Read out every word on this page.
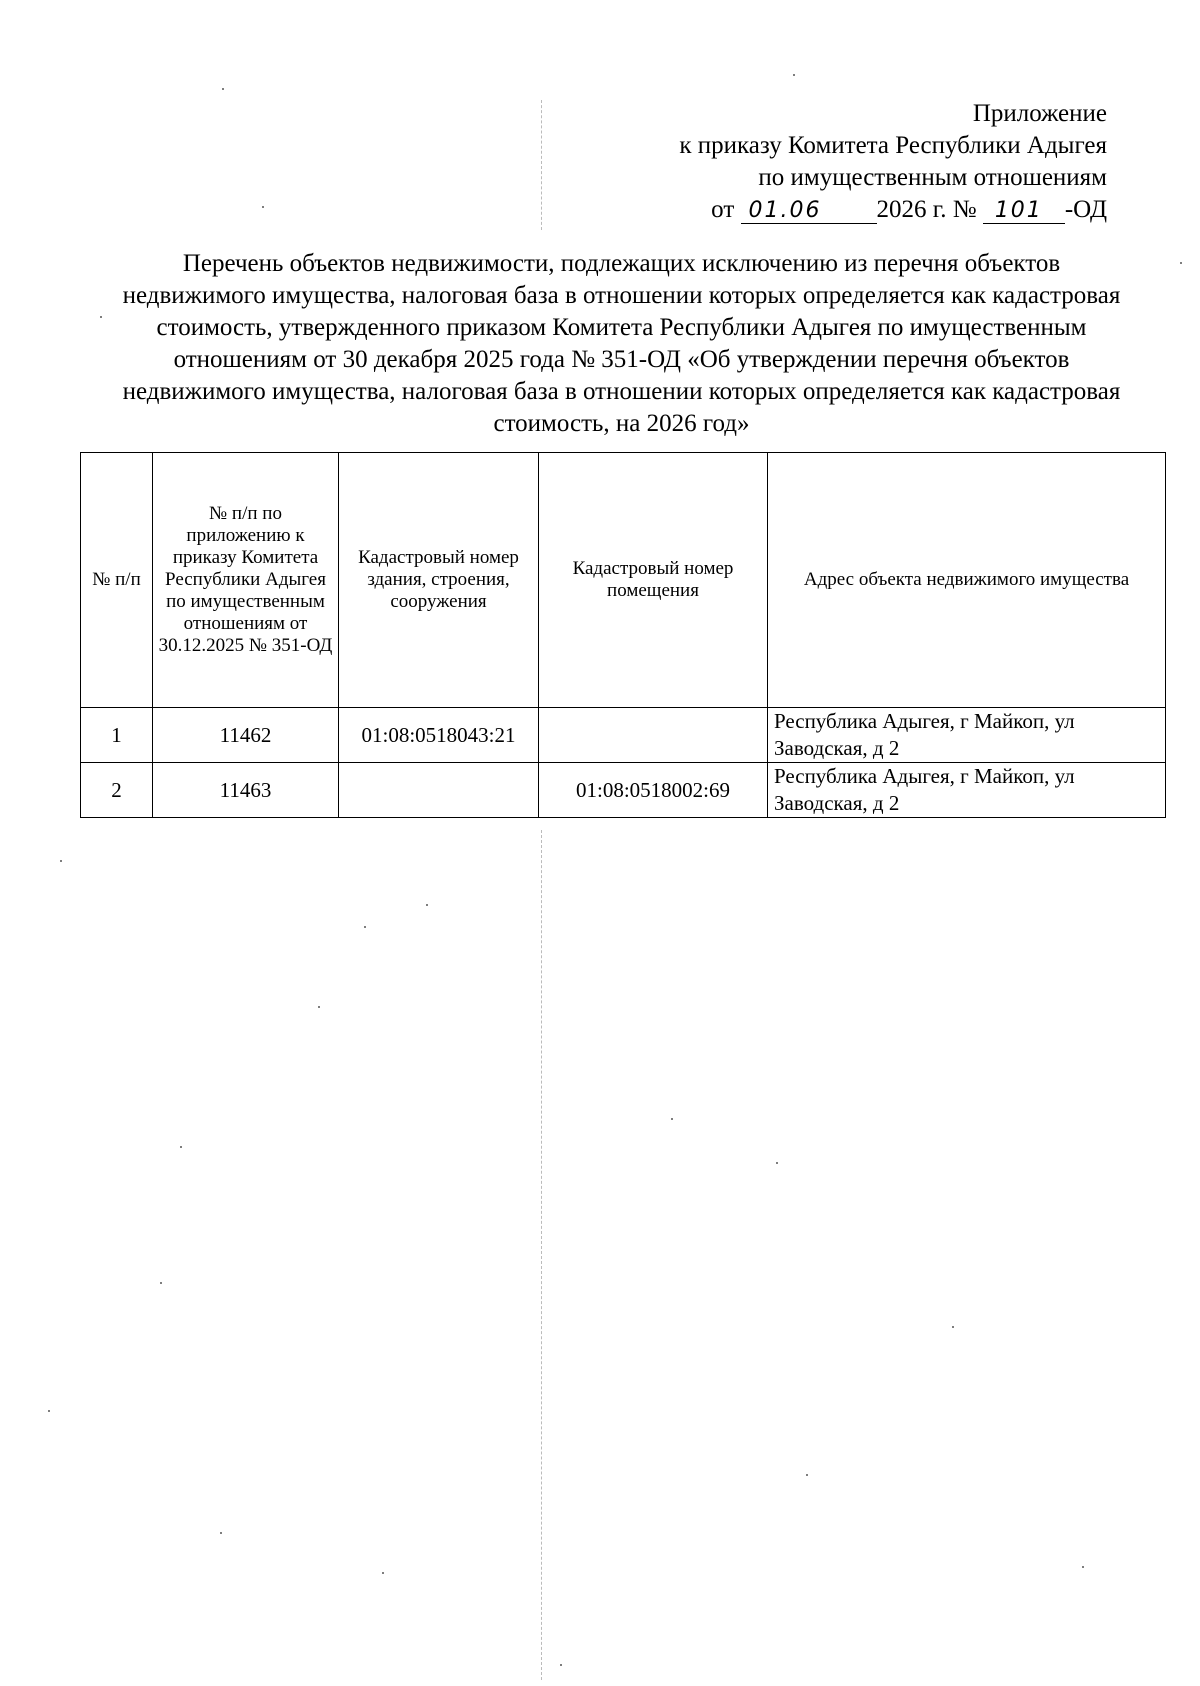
Приложение
к приказу Комитета Республики Адыгея
по имущественным отношениям
от 01.06 2026 г. № 101 -ОД
Перечень объектов недвижимости, подлежащих исключению из перечня объектов недвижимого имущества, налоговая база в отношении которых определяется как кадастровая стоимость, утвержденного приказом Комитета Республики Адыгея по имущественным отношениям от 30 декабря 2025 года № 351-ОД «Об утверждении перечня объектов недвижимого имущества, налоговая база в отношении которых определяется как кадастровая стоимость, на 2026 год»
№ п/п	№ п/п по приложению к приказу Комитета Республики Адыгея по имущественным отношениям от 30.12.2025 № 351-ОД	Кадастровый номер здания, строения, сооружения	Кадастровый номер помещения	Адрес объекта недвижимого имущества
1	11462	01:08:0518043:21		Республика Адыгея, г Майкоп, ул Заводская, д 2
2	11463		01:08:0518002:69	Республика Адыгея, г Майкоп, ул Заводская, д 2
